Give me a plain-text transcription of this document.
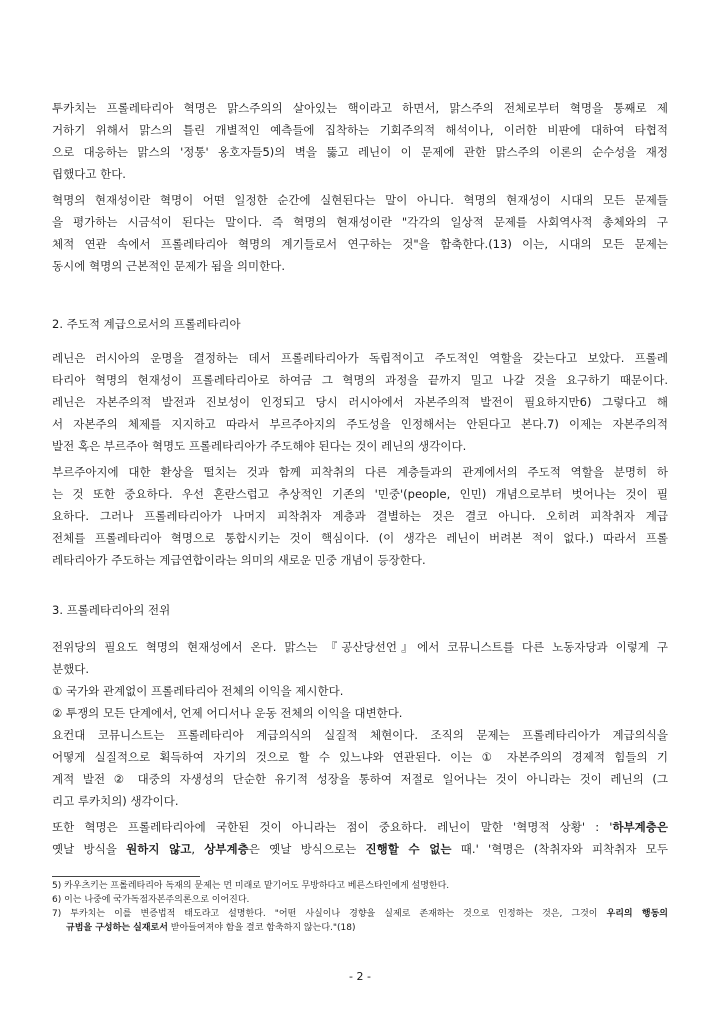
투카치는 프롤레타리아 혁명은 맑스주의의 살아있는 핵이라고 하면서, 맑스주의 전체로부터 혁명을 통째로 제
거하기 위해서 맑스의 틀린 개별적인 예측들에 집착하는 기회주의적 해석이나, 이러한 비판에 대하여 타협적
으로 대응하는 맑스의 '정통' 옹호자들5)의 벽을 뚫고 레닌이 이 문제에 관한 맑스주의 이론의 순수성을 재정
립했다고 한다.
혁명의 현재성이란 혁명이 어떤 일정한 순간에 실현된다는 말이 아니다. 혁명의 현재성이 시대의 모든 문제들
을 평가하는 시금석이 된다는 말이다. 즉 혁명의 현재성이란 "각각의 일상적 문제를 사회역사적 총체와의 구
체적 연관 속에서 프롤레타리아 혁명의 계기들로서 연구하는 것"을 함축한다.(13) 이는, 시대의 모든 문제는
동시에 혁명의 근본적인 문제가 됨을 의미한다.
2. 주도적 계급으로서의 프롤레타리아
레닌은 러시아의 운명을 결정하는 데서 프롤레타리아가 독립적이고 주도적인 역할을 갖는다고 보았다. 프롤레
타리아 혁명의 현재성이 프롤레타리아로 하여금 그 혁명의 과정을 끝까지 밀고 나갈 것을 요구하기 때문이다.
레닌은 자본주의적 발전과 진보성이 인정되고 당시 러시아에서 자본주의적 발전이 필요하지만6) 그렇다고 해
서 자본주의 체제를 지지하고 따라서 부르주아지의 주도성을 인정해서는 안된다고 본다.7) 이제는 자본주의적
발전 혹은 부르주아 혁명도 프롤레타리아가 주도해야 된다는 것이 레닌의 생각이다.
부르주아지에 대한 환상을 떨치는 것과 함께 피착취의 다른 계층들과의 관계에서의 주도적 역할을 분명히 하
는 것 또한 중요하다. 우선 혼란스럽고 추상적인 기존의 '민중'(people, 인민) 개념으로부터 벗어나는 것이 필
요하다. 그러나 프롤레타리아가 나머지 피착취자 계층과 결별하는 것은 결코 아니다. 오히려 피착취자 계급
전체를 프롤레타리아 혁명으로 통합시키는 것이 핵심이다. (이 생각은 레닌이 버려본 적이 없다.) 따라서 프롤
레타리아가 주도하는 계급연합이라는 의미의 새로운 민중 개념이 등장한다.
3. 프롤레타리아의 전위
전위당의 필요도 혁명의 현재성에서 온다. 맑스는 『공산당선언』에서 코뮤니스트를 다른 노동자당과 이렇게 구
분했다.
① 국가와 관계없이 프롤레타리아 전체의 이익을 제시한다.
② 투쟁의 모든 단계에서, 언제 어디서나 운동 전체의 이익을 대변한다.
요컨대 코뮤니스트는 프롤레타리아 계급의식의 실질적 체현이다. 조직의 문제는 프롤레타리아가 계급의식을
어떻게 실질적으로 획득하여 자기의 것으로 할 수 있느냐와 연관된다. 이는 ① 자본주의의 경제적 힘들의 기
계적 발전 ② 대중의 자생성의 단순한 유기적 성장을 통하여 저절로 일어나는 것이 아니라는 것이 레닌의 (그
리고 루카치의) 생각이다.
또한 혁명은 프롤레타리아에 국한된 것이 아니라는 점이 중요하다. 레닌이 말한 '혁명적 상황' : '하부계층은
옛날 방식을 원하지 않고, 상부계층은 옛날 방식으로는 진행할 수 없는 때.' '혁명은 (착취자와 피착취자 모두
5) 카우츠키는 프롤레타리아 독재의 문제는 먼 미래로 맡기어도 무방하다고 베른스타인에게 설명한다.
6) 이는 나중에 국가독점자본주의론으로 이어진다.
7) 투카치는 이를 변증법적 태도라고 설명한다. "어떤 사실이나 경향을 실제로 존재하는 것으로 인정하는 것은, 그것이 우리의 행동의
규범을 구성하는 실재로서 받아들여져야 함을 결코 함축하지 않는다."(18)
- 2 -
